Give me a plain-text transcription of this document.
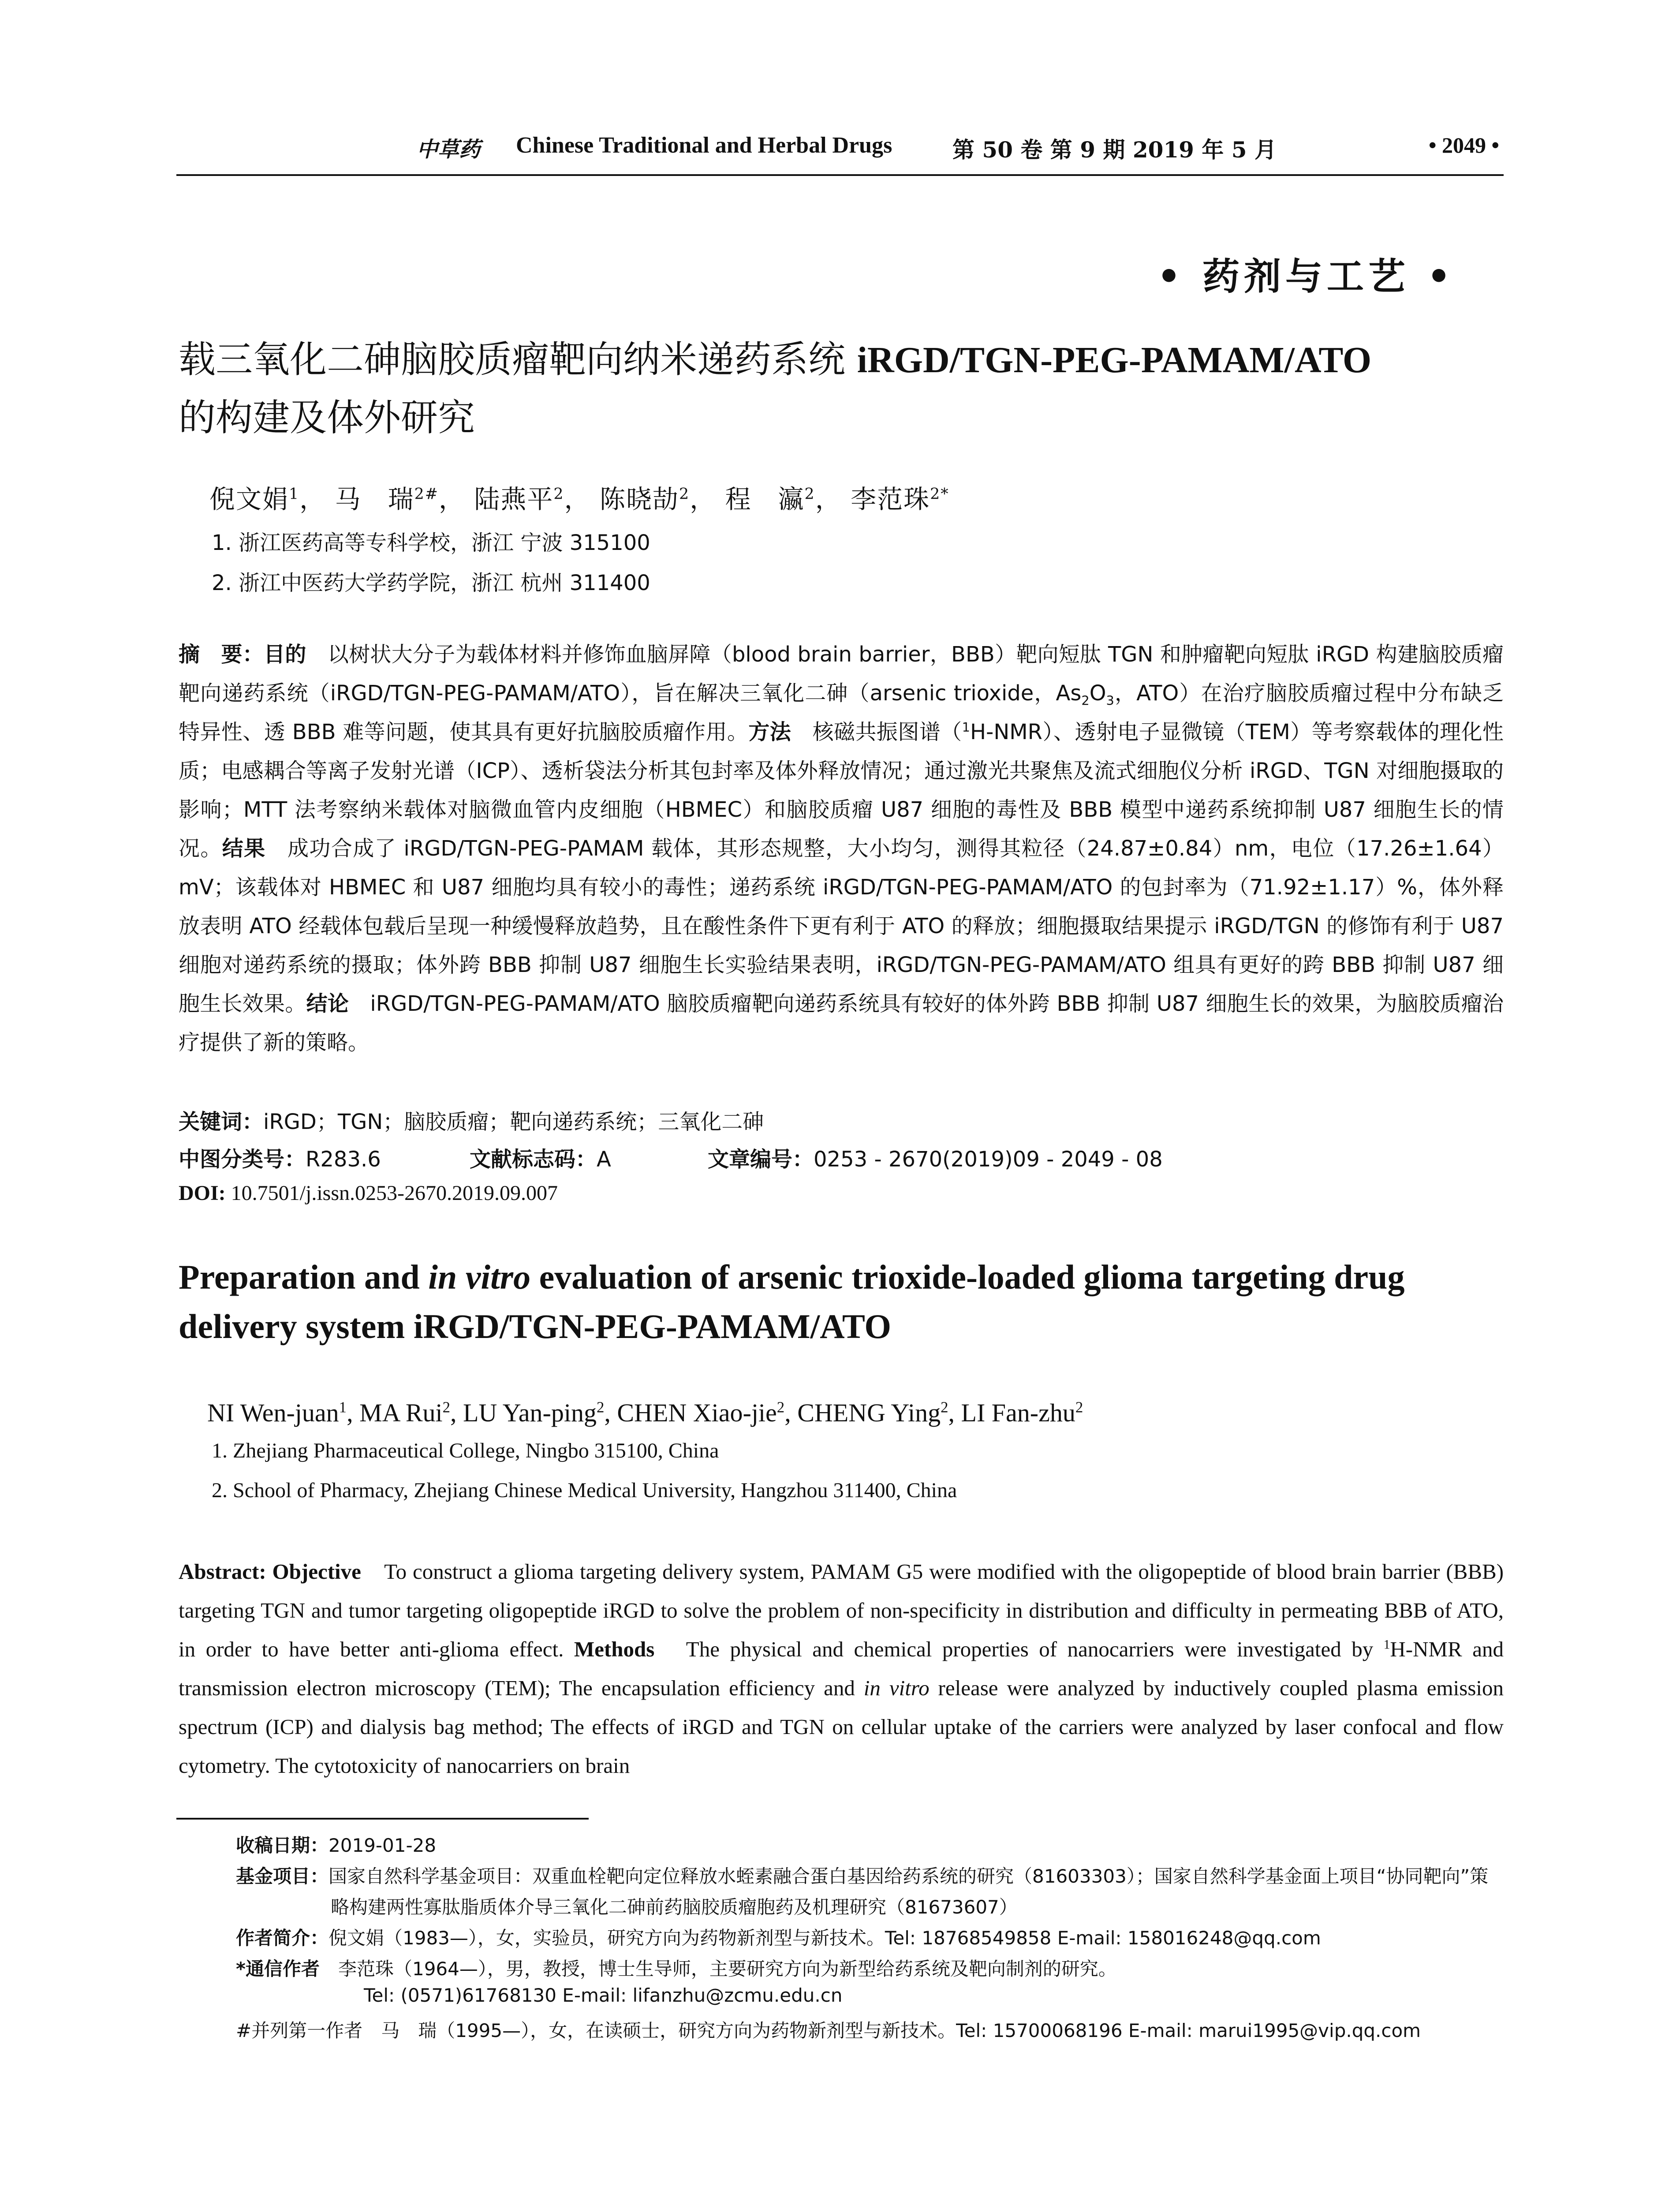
中草药 Chinese Traditional and Herbal Drugs	第 50 卷 第 9 期 2019 年 5 月	• 2049 •
• 药剂与工艺 •
载三氧化二砷脑胶质瘤靶向纳米递药系统 iRGD/TGN-PEG-PAMAM/ATO
的构建及体外研究
倪文娟$^1$， 马　瑞$^{2\#}$， 陆燕平$^2$， 陈晓劼$^2$， 程　瀛$^2$， 李范珠$^{2*}$
1. 浙江医药高等专科学校，浙江 宁波 315100
2. 浙江中医药大学药学院，浙江 杭州 311400
摘　要：目的　以树状大分子为载体材料并修饰血脑屏障（blood brain barrier，BBB）靶向短肽 TGN 和肿瘤靶向短肽 iRGD 构建脑胶质瘤靶向递药系统（iRGD/TGN-PEG-PAMAM/ATO），旨在解决三氧化二砷（arsenic trioxide，$As_2O_3$，ATO）在治疗脑胶质瘤过程中分布缺乏特异性、透 BBB 难等问题，使其具有更好抗脑胶质瘤作用。方法　核磁共振图谱（$^1$H-NMR）、透射电子显微镜（TEM）等考察载体的理化性质；电感耦合等离子发射光谱（ICP）、透析袋法分析其包封率及体外释放情况；通过激光共聚焦及流式细胞仪分析 iRGD、TGN 对细胞摄取的影响；MTT 法考察纳米载体对脑微血管内皮细胞（HBMEC）和脑胶质瘤 U87 细胞的毒性及 BBB 模型中递药系统抑制 U87 细胞生长的情况。结果　成功合成了 iRGD/TGN-PEG-PAMAM 载体，其形态规整，大小均匀，测得其粒径（24.87±0.84）nm，电位（17.26±1.64）mV；该载体对 HBMEC 和 U87 细胞均具有较小的毒性；递药系统 iRGD/TGN-PEG-PAMAM/ATO 的包封率为（71.92±1.17）%，体外释放表明 ATO 经载体包载后呈现一种缓慢释放趋势，且在酸性条件下更有利于 ATO 的释放；细胞摄取结果提示 iRGD/TGN 的修饰有利于 U87 细胞对递药系统的摄取；体外跨 BBB 抑制 U87 细胞生长实验结果表明，iRGD/TGN-PEG-PAMAM/ATO 组具有更好的跨 BBB 抑制 U87 细胞生长效果。结论　iRGD/TGN-PEG-PAMAM/ATO 脑胶质瘤靶向递药系统具有较好的体外跨 BBB 抑制 U87 细胞生长的效果，为脑胶质瘤治疗提供了新的策略。
关键词：iRGD；TGN；脑胶质瘤；靶向递药系统；三氧化二砷
中图分类号：R283.6	文献标志码：A	文章编号：0253 - 2670(2019)09 - 2049 - 08
DOI: 10.7501/j.issn.0253-2670.2019.09.007
Preparation and in vitro evaluation of arsenic trioxide-loaded glioma targeting drug delivery system iRGD/TGN-PEG-PAMAM/ATO
NI Wen-juan$^1$, MA Rui$^2$, LU Yan-ping$^2$, CHEN Xiao-jie$^2$, CHENG Ying$^2$, LI Fan-zhu$^2$
1. Zhejiang Pharmaceutical College, Ningbo 315100, China
2. School of Pharmacy, Zhejiang Chinese Medical University, Hangzhou 311400, China
Abstract: Objective　To construct a glioma targeting delivery system, PAMAM G5 were modified with the oligopeptide of blood brain barrier (BBB) targeting TGN and tumor targeting oligopeptide iRGD to solve the problem of non-specificity in distribution and difficulty in permeating BBB of ATO, in order to have better anti-glioma effect. Methods　The physical and chemical properties of nanocarriers were investigated by $^1$H-NMR and transmission electron microscopy (TEM); The encapsulation efficiency and in vitro release were analyzed by inductively coupled plasma emission spectrum (ICP) and dialysis bag method; The effects of iRGD and TGN on cellular uptake of the carriers were analyzed by laser confocal and flow cytometry. The cytotoxicity of nanocarriers on brain
收稿日期：2019-01-28
基金项目：国家自然科学基金项目：双重血栓靶向定位释放水蛭素融合蛋白基因给药系统的研究（81603303）；国家自然科学基金面上项目“协同靶向”策略构建两性寡肽脂质体介导三氧化二砷前药脑胶质瘤胞药及机理研究（81673607）
作者简介：倪文娟（1983—），女，实验员，研究方向为药物新剂型与新技术。Tel: 18768549858 E-mail: 158016248@qq.com
*通信作者　李范珠（1964—），男，教授，博士生导师，主要研究方向为新型给药系统及靶向制剂的研究。
Tel: (0571)61768130 E-mail: lifanzhu@zcmu.edu.cn
#并列第一作者　马　瑞（1995—），女，在读硕士，研究方向为药物新剂型与新技术。Tel: 15700068196 E-mail: marui1995@vip.qq.com
